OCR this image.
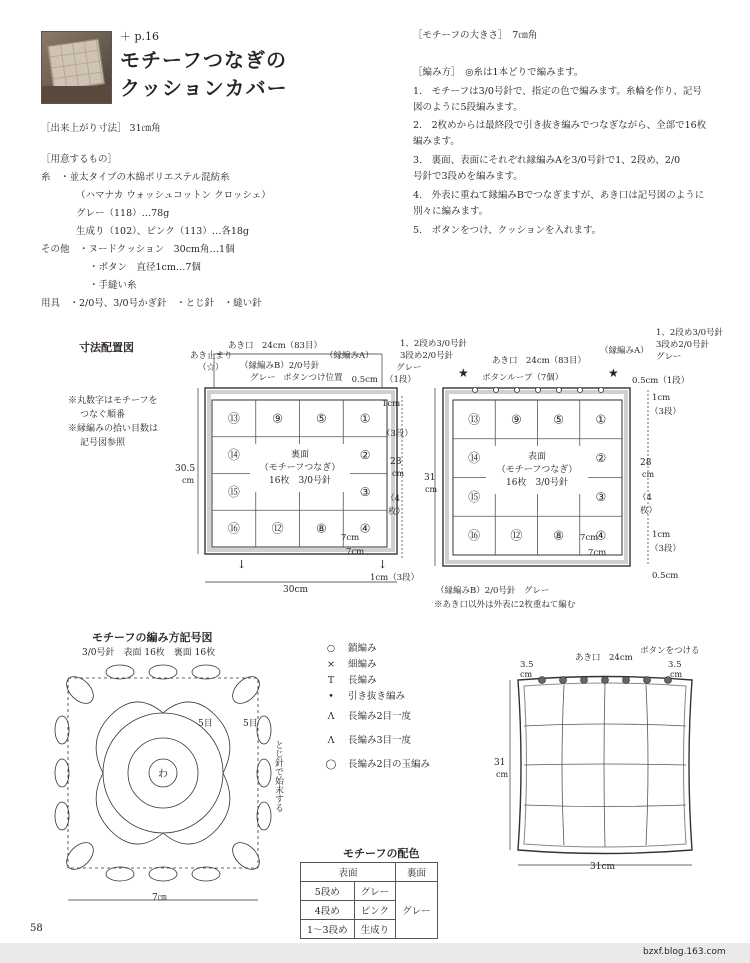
＋ p.16
モチーフつなぎの
クッションカバー
［出来上がり寸法］ 31㎝角
［用意するもの］
糸　・並太タイプの木綿ポリエステル混紡糸
（ハマナカ ウォッシュコットン クロッシェ）
グレー（118）…78g
生成り（102）、ピンク（113）…各18g
その他　・ヌードクッション　30cm角…1個
・ボタン　直径1cm…7個
・手縫い糸
用具　・2/0号、3/0号かぎ針　・とじ針　・縫い針
［モチーフの大きさ］　7㎝角
［編み方］　◎糸は1本どりで編みます。
1.　モチーフは3/0号針で、指定の色で編みます。糸輪を作り、記号
図のように5段編みます。
2.　2枚めからは最終段で引き抜き編みでつなぎながら、全部で16枚
編みます。
3.　裏面、表面にそれぞれ縁編みAを3/0号針で1、2段め、2/0
号針で3段めを編みます。
4.　外表に重ねて縁編みBでつなぎますが、あき口は記号図のように
別々に編みます。
5.　ボタンをつけ、クッションを入れます。
寸法配置図
※丸数字はモチーフを
つなぐ順番
※縁編みの拾い目数は
記号図参照
⑬	⑨	⑤	①
⑭	②
⑮	③
⑯	⑫	⑧	④
裏面
（モチーフつなぎ）
16枚　3/0号針
あき止まり
（☆）
あき口　24cm（83目）
（縁編みB）2/0号針
グレー ボタンつけ位置
（縁編みA）
1、2段め3/0号針
3段め2/0号針
グレー
（1段）
0.5cm
1cm
（3段）
28
cm
（4
枚）
30.5
cm
7cm
7cm
30cm
1cm（3段）
↓	↓
⑬	⑨	⑤	①
⑭	②
⑮	③
⑯	⑫	⑧	④
表面
（モチーフつなぎ）
16枚　3/0号針
★	★
あき口　24cm（83目）
ボタンループ（7個）
（縁編みA）
1、2段め3/0号針
3段め2/0号針
グレー
0.5cm（1段）
1cm
（3段）
28
cm
（4
枚）
1cm
（3段）
0.5cm
31
cm
7cm
7cm
（縁編みB）2/0号針　グレー
※あき口以外は外表に2枚重ねて編む
モチーフの編み方記号図
3/0号針　表面 16枚　裏面 16枚
わ
5目	5目
7㎝
とじ針で始末する
○ 鎖編み
× 細編み
T 長編み
• 引き抜き編み
Λ 長編み2目一度
Λ 長編み3目一度
◯ 長編み2目の玉編み
モチーフの配色
表面		裏面
5段め	グレー	グレー
4段め	ピンク	
1〜3段め	生成り	
3.5
cm
あき口　24cm
ボタンをつける
3.5
cm
31
cm
31cm
58
bzxf.blog.163.com
